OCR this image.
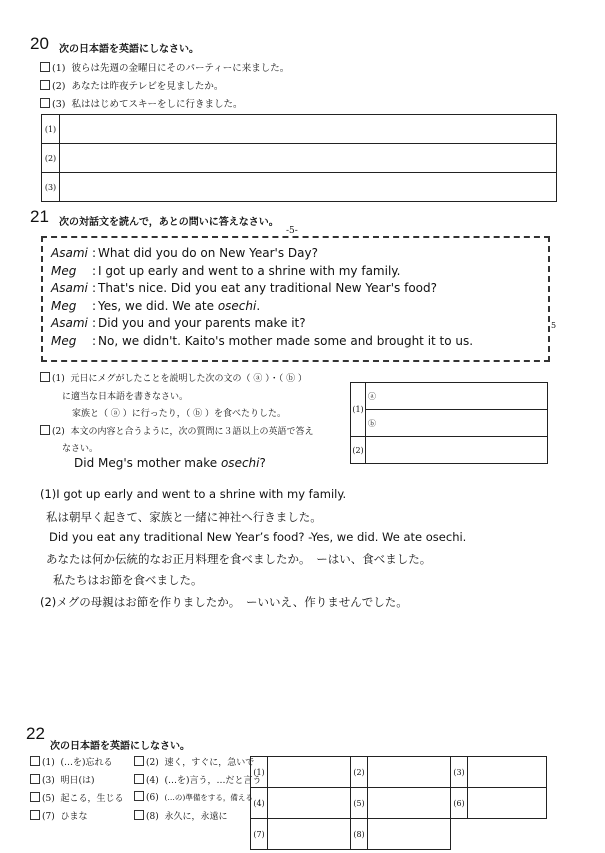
20 次の日本語を英語にしなさい。
(1) 彼らは先週の金曜日にそのパーティーに来ました。
(2) あなたは昨夜テレビを見ましたか。
(3) 私ははじめてスキーをしに行きました。
(1)	
(2)	
(3)	
21 次の対話文を読んで，あとの問いに答えなさい。
-5-
Asami : What did you do on New Year's Day?
Meg : I got up early and went to a shrine with my family.
Asami : That's nice. Did you eat any traditional New Year's food?
Meg : Yes, we did. We ate osechi.
Asami : Did you and your parents make it?
Meg : No, we didn't. Kaito's mother made some and brought it to us.
5
(1) 元日にメグがしたことを説明した次の文の（ ⓐ ）・（ ⓑ ）
に適当な日本語を書きなさい。
家族と（ ⓐ ）に行ったり，（ ⓑ ）を食べたりした。
(2) 本文の内容と合うように，次の質問に３語以上の英語で答え
なさい。
Did Meg's mother make osechi?
(1)	ⓐ	
	ⓑ	
(2)		
(1)I got up early and went to a shrine with my family.
私は朝早く起きて、家族と一緒に神社へ行きました。
Did you eat any traditional New Year’s food? -Yes, we did. We ate osechi.
あなたは何か伝統的なお正月料理を食べましたか。　ーはい、食べました。
私たちはお節を食べました。
(2)メグの母親はお節を作りましたか。　ーいいえ、作りませんでした。
22
次の日本語を英語にしなさい。
(1) (…を)忘れる	(2) 速く，すぐに，急いで
(3) 明日(は)	(4) (…を)言う，…だと言う
(5) 起こる，生じる	(6) (…の)準備をする，備える
(7) ひまな	(8) 永久に，永遠に
(1)		(2)		(3)	
(4)		(5)		(6)	
(7)		(8)			
